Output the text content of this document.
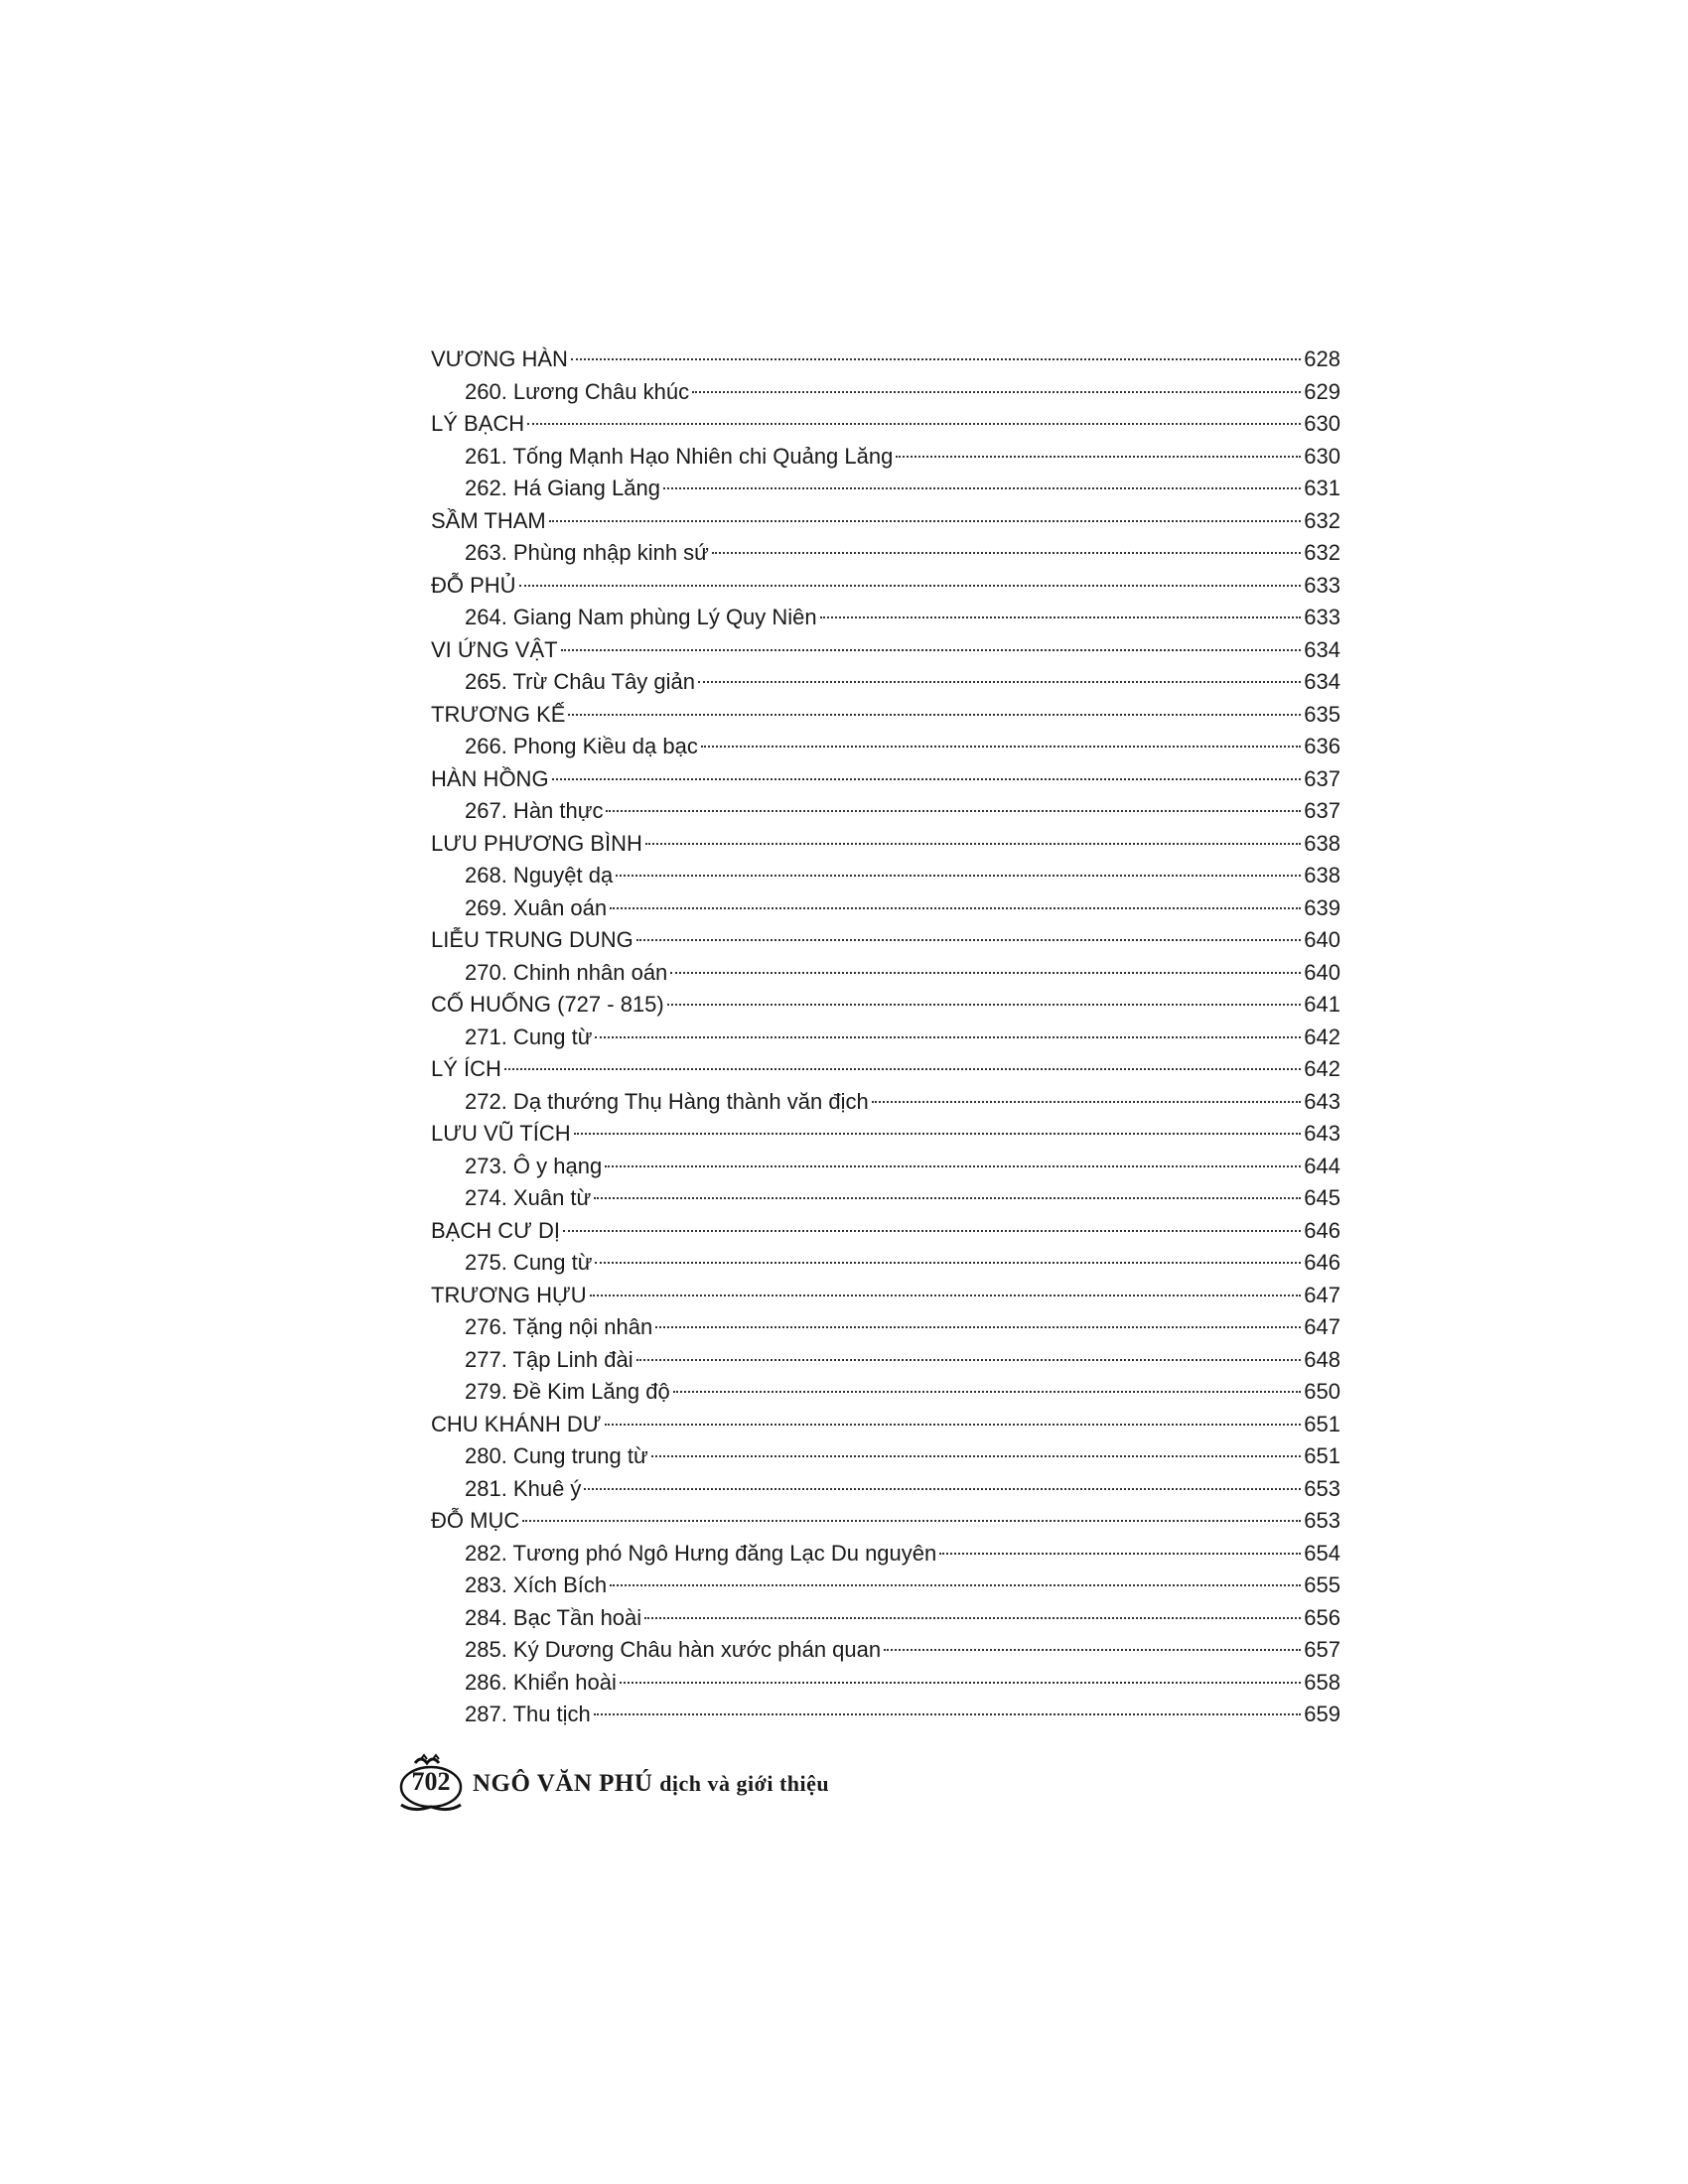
VƯƠNG HÀN	628
260. Lương Châu khúc	629
LÝ BẠCH	630
261. Tống Mạnh Hạo Nhiên chi Quảng Lăng	630
262. Há Giang Lăng	631
SẦM THAM	632
263. Phùng nhập kinh sứ	632
ĐỖ PHỦ	633
264. Giang Nam phùng Lý Quy Niên	633
VI ỨNG VẬT	634
265. Trừ Châu Tây giản	634
TRƯƠNG KẾ	635
266. Phong Kiều dạ bạc	636
HÀN HỒNG	637
267. Hàn thực	637
LƯU PHƯƠNG BÌNH	638
268. Nguyệt dạ	638
269. Xuân oán	639
LIỄU TRUNG DUNG	640
270. Chinh nhân oán	640
CỐ HUỐNG (727 - 815)	641
271. Cung từ	642
LÝ ÍCH	642
272. Dạ thướng Thụ Hàng thành văn địch	643
LƯU VŨ TÍCH	643
273. Ô y hạng	644
274. Xuân từ	645
BẠCH CƯ DỊ	646
275. Cung từ	646
TRƯƠNG HỰU	647
276. Tặng nội nhân	647
277. Tập Linh đài	648
279. Đề Kim Lăng độ	650
CHU KHÁNH DƯ	651
280. Cung trung từ	651
281. Khuê ý	653
ĐỖ MỤC	653
282. Tương phó Ngô Hưng đăng Lạc Du nguyên	654
283. Xích Bích	655
284. Bạc Tần hoài	656
285. Ký Dương Châu hàn xước phán quan	657
286. Khiển hoài	658
287. Thu tịch	659
702 NGÔ VĂN PHÚ dịch và giới thiệu
